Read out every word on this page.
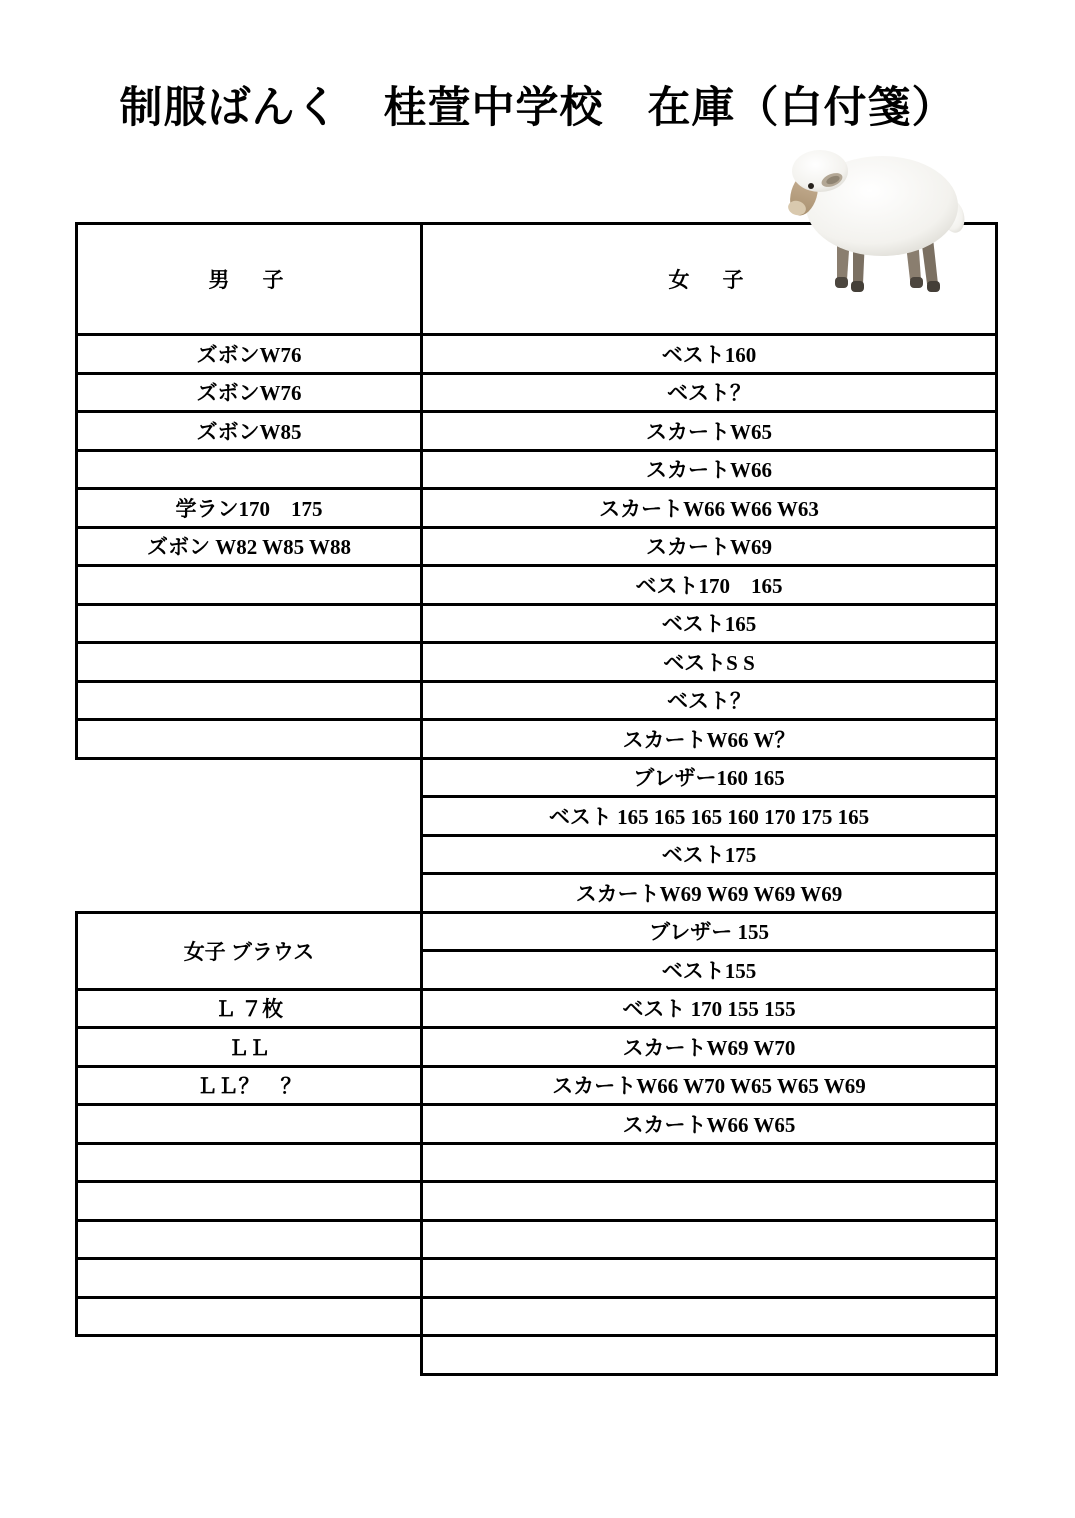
制服ばんく　桂萱中学校　在庫（白付箋）
男　子	女　子
ズボンW76	ベスト160
ズボンW76	ベスト？
ズボンW85	スカートW65
	スカートW66
学ラン170　175	スカートW66 W66 W63
ズボン W82 W85 W88	スカートW69
	ベスト170　165
	ベスト165
	ベストS S
	ベスト？
	スカートW66 W？
	ブレザー160 165
	ベスト 165 165 165 160 170 175 165
	ベスト175
	スカートW69 W69 W69 W69
女子 ブラウス	ブレザー 155
	ベスト155
Ｌ ７枚	ベスト 170 155 155
ＬＬ	スカートW69 W70
ＬＬ？　？	スカートW66 W70 W65 W65 W69
	スカートW66 W65
